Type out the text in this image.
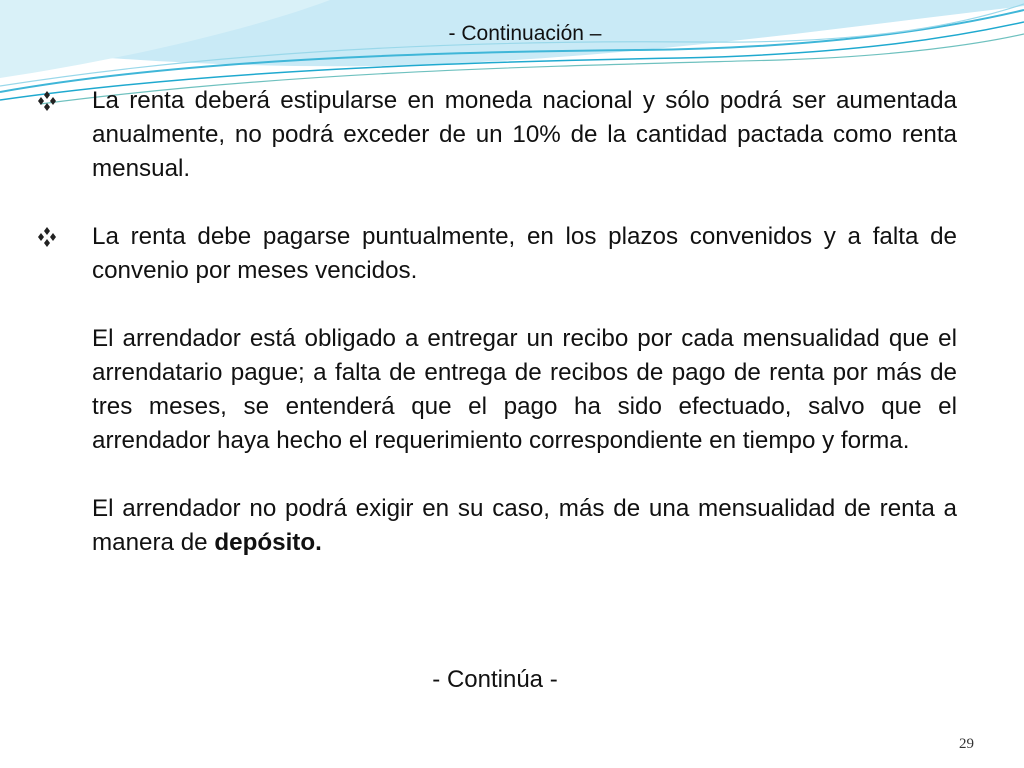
- Continuación –

La renta deberá estipularse en moneda nacional y sólo podrá ser aumentada anualmente, no podrá exceder de un 10% de la cantidad pactada como renta mensual.

La renta debe pagarse puntualmente, en los plazos convenidos y a falta de convenio por meses vencidos.

El arrendador está obligado a entregar un recibo por cada mensualidad que el arrendatario pague; a falta de entrega de recibos de pago de renta por más de tres meses, se entenderá que el pago ha sido efectuado, salvo que el arrendador haya hecho el requerimiento correspondiente en tiempo y forma.

El arrendador no podrá exigir en su caso, más de una mensualidad de renta a manera de depósito.

- Continúa -
29
